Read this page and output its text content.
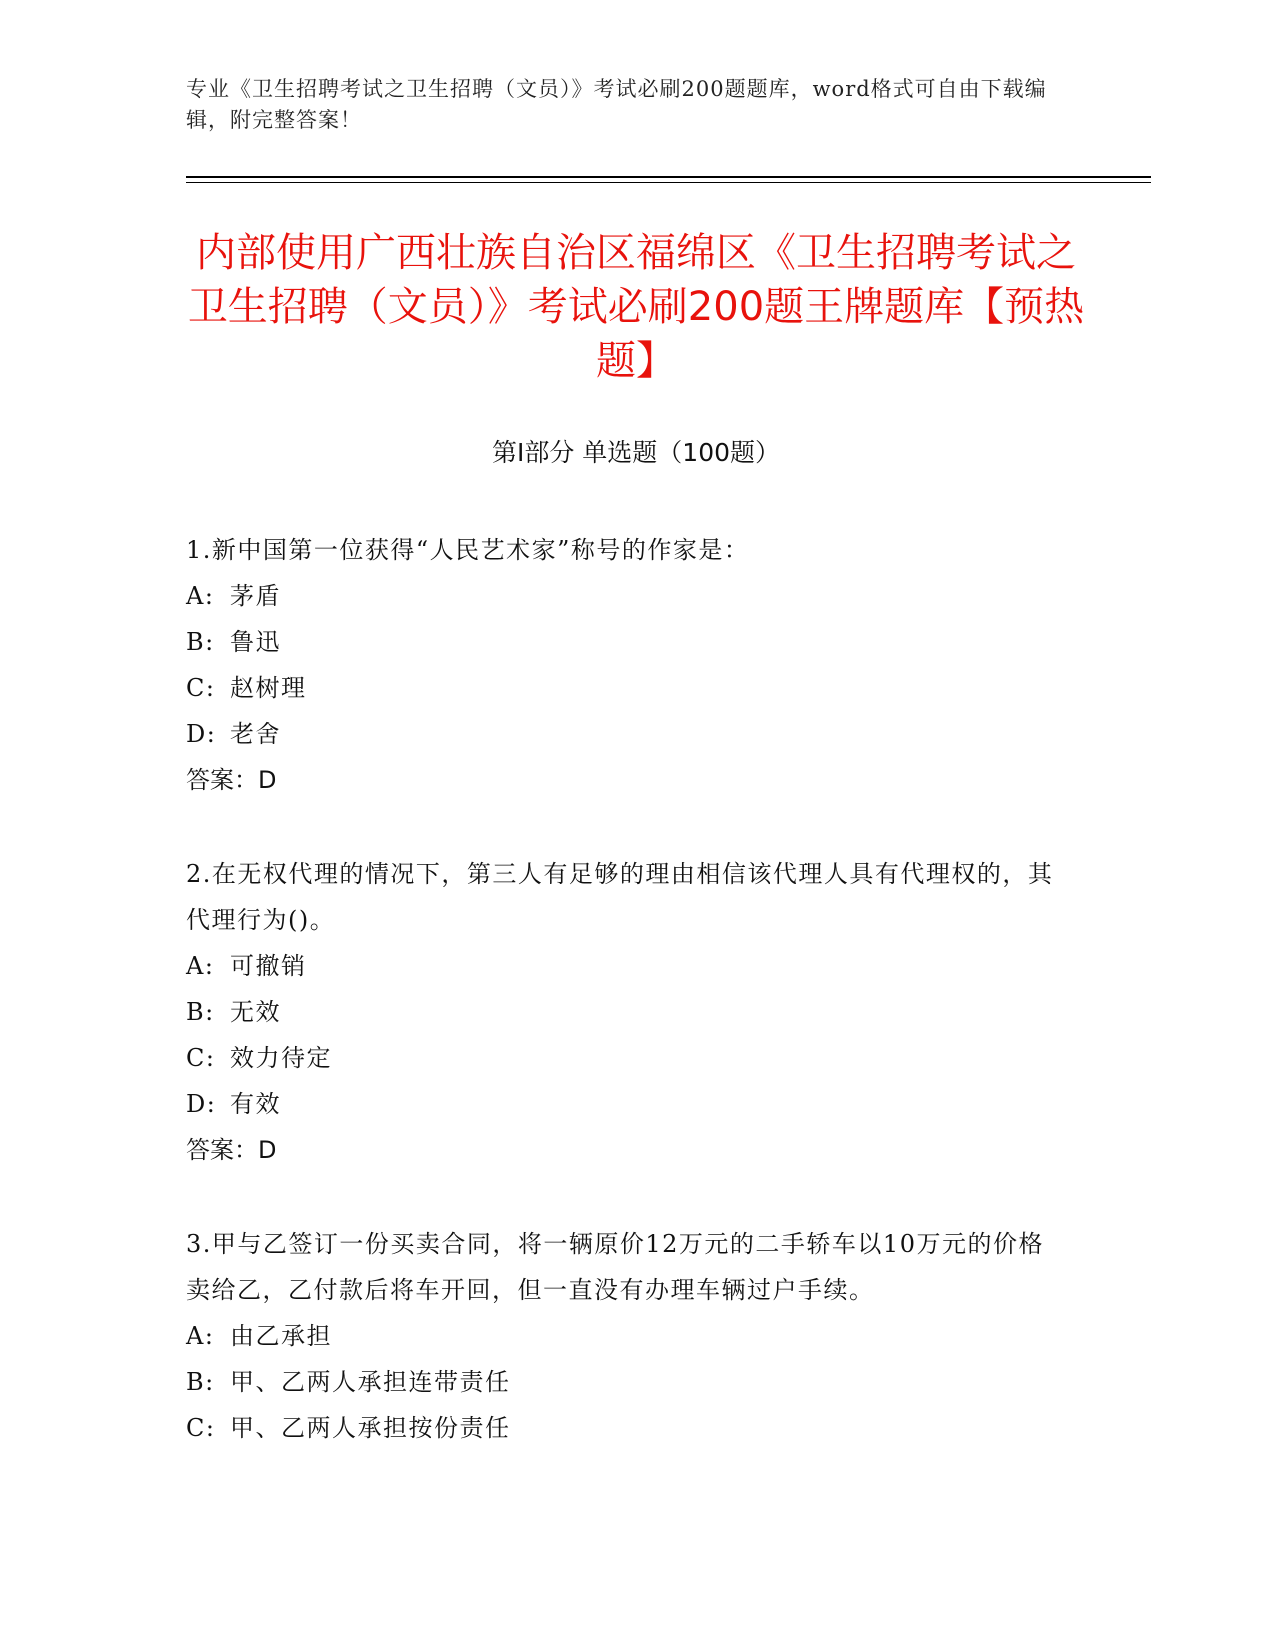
专业《卫生招聘考试之卫生招聘（文员）》考试必刷200题题库，word格式可自由下载编辑，附完整答案！
内部使用广西壮族自治区福绵区《卫生招聘考试之卫生招聘（文员）》考试必刷200题王牌题库【预热题】
第Ⅰ部分 单选题（100题）

1.新中国第一位获得“人民艺术家”称号的作家是：

A: 茅盾

B: 鲁迅

C: 赵树理

D: 老舍

答案：D

2.在无权代理的情况下，第三人有足够的理由相信该代理人具有代理权的，其代理行为()。

A: 可撤销

B: 无效

C: 效力待定

D: 有效

答案：D

3.甲与乙签订一份买卖合同，将一辆原价12万元的二手轿车以10万元的价格卖给乙，乙付款后将车开回，但一直没有办理车辆过户手续。

A: 由乙承担

B: 甲、乙两人承担连带责任

C: 甲、乙两人承担按份责任
